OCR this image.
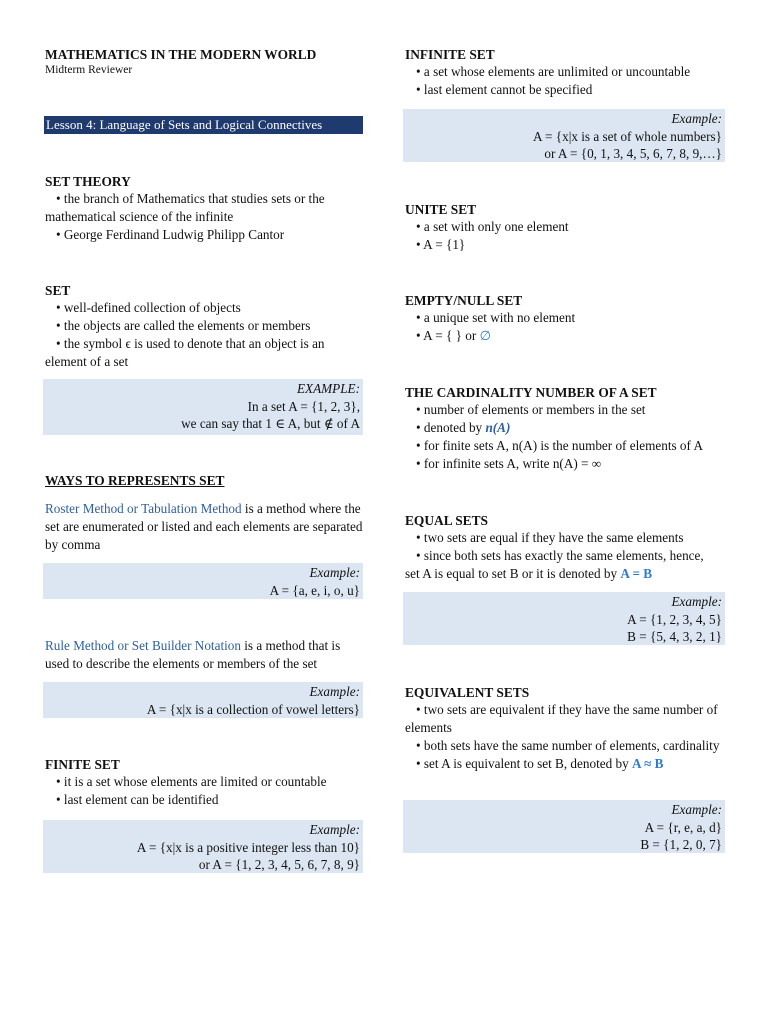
MATHEMATICS IN THE MODERN WORLD
Midterm Reviewer
Lesson 4: Language of Sets and Logical Connectives
SET THEORY
• the branch of Mathematics that studies sets or the mathematical science of the infinite
• George Ferdinand Ludwig Philipp Cantor
SET
• well-defined collection of objects
• the objects are called the elements or members
• the symbol ϵ is used to denote that an object is an element of a set
EXAMPLE:
In a set A = {1, 2, 3},
we can say that 1 ∈ A, but ∉ of A
WAYS TO REPRESENTS SET
Roster Method or Tabulation Method is a method where the set are enumerated or listed and each elements are separated by comma
Example:
A = {a, e, i, o, u}
Rule Method or Set Builder Notation is a method that is used to describe the elements or members of the set
Example:
A = {x|x is a collection of vowel letters}
FINITE SET
• it is a set whose elements are limited or countable
• last element can be identified
Example:
A = {x|x is a positive integer less than 10}
or A = {1, 2, 3, 4, 5, 6, 7, 8, 9}
INFINITE SET
• a set whose elements are unlimited or uncountable
• last element cannot be specified
Example:
A = {x|x is a set of whole numbers}
or A = {0, 1, 3, 4, 5, 6, 7, 8, 9,…}
UNITE SET
• a set with only one element
• A = {1}
EMPTY/NULL SET
• a unique set with no element
• A = { } or ∅
THE CARDINALITY NUMBER OF A SET
• number of elements or members in the set
• denoted by n(A)
• for finite sets A, n(A) is the number of elements of A
• for infinite sets A, write n(A) = ∞
EQUAL SETS
• two sets are equal if they have the same elements
• since both sets has exactly the same elements, hence,
set A is equal to set B or it is denoted by A = B
Example:
A = {1, 2, 3, 4, 5}
B = {5, 4, 3, 2, 1}
EQUIVALENT SETS
• two sets are equivalent if they have the same number of elements
• both sets have the same number of elements, cardinality
• set A is equivalent to set B, denoted by A ≈ B
Example:
A = {r, e, a, d}
B = {1, 2, 0, 7}
